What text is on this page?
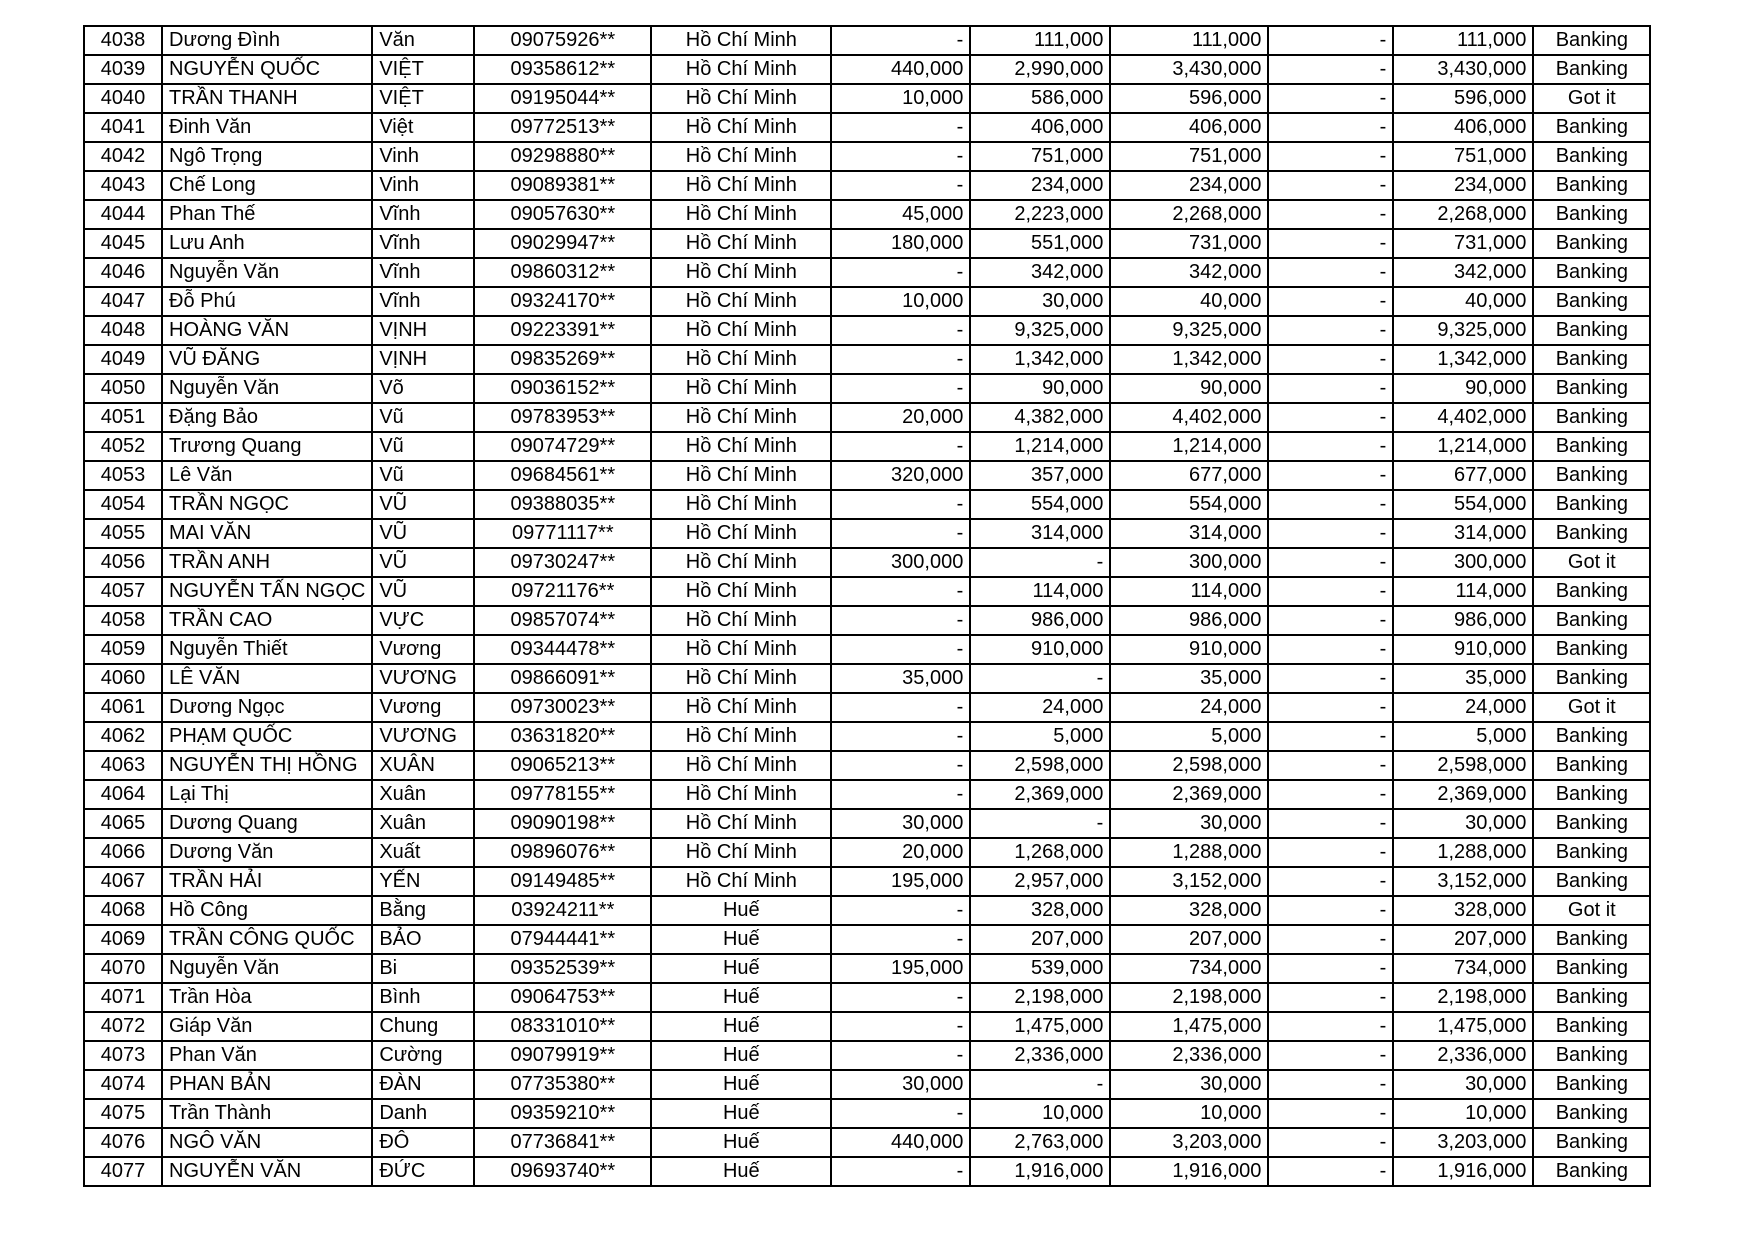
4038	Dương Đình	Văn	09075926**	Hồ Chí Minh	-	111,000	111,000	-	111,000	Banking
4039	NGUYỄN QUỐC	VIỆT	09358612**	Hồ Chí Minh	440,000	2,990,000	3,430,000	-	3,430,000	Banking
4040	TRẦN THANH	VIỆT	09195044**	Hồ Chí Minh	10,000	586,000	596,000	-	596,000	Got it
4041	Đinh Văn	Việt	09772513**	Hồ Chí Minh	-	406,000	406,000	-	406,000	Banking
4042	Ngô Trọng	Vinh	09298880**	Hồ Chí Minh	-	751,000	751,000	-	751,000	Banking
4043	Chế Long	Vinh	09089381**	Hồ Chí Minh	-	234,000	234,000	-	234,000	Banking
4044	Phan Thế	Vĩnh	09057630**	Hồ Chí Minh	45,000	2,223,000	2,268,000	-	2,268,000	Banking
4045	Lưu Anh	Vĩnh	09029947**	Hồ Chí Minh	180,000	551,000	731,000	-	731,000	Banking
4046	Nguyễn Văn	Vĩnh	09860312**	Hồ Chí Minh	-	342,000	342,000	-	342,000	Banking
4047	Đỗ Phú	Vĩnh	09324170**	Hồ Chí Minh	10,000	30,000	40,000	-	40,000	Banking
4048	HOÀNG VĂN	VỊNH	09223391**	Hồ Chí Minh	-	9,325,000	9,325,000	-	9,325,000	Banking
4049	VŨ ĐĂNG	VỊNH	09835269**	Hồ Chí Minh	-	1,342,000	1,342,000	-	1,342,000	Banking
4050	Nguyễn Văn	Võ	09036152**	Hồ Chí Minh	-	90,000	90,000	-	90,000	Banking
4051	Đặng Bảo	Vũ	09783953**	Hồ Chí Minh	20,000	4,382,000	4,402,000	-	4,402,000	Banking
4052	Trương Quang	Vũ	09074729**	Hồ Chí Minh	-	1,214,000	1,214,000	-	1,214,000	Banking
4053	Lê Văn	Vũ	09684561**	Hồ Chí Minh	320,000	357,000	677,000	-	677,000	Banking
4054	TRẦN NGỌC	VŨ	09388035**	Hồ Chí Minh	-	554,000	554,000	-	554,000	Banking
4055	MAI VĂN	VŨ	09771117**	Hồ Chí Minh	-	314,000	314,000	-	314,000	Banking
4056	TRẦN ANH	VŨ	09730247**	Hồ Chí Minh	300,000	-	300,000	-	300,000	Got it
4057	NGUYỄN TẤN NGỌC	VŨ	09721176**	Hồ Chí Minh	-	114,000	114,000	-	114,000	Banking
4058	TRẦN CAO	VỰC	09857074**	Hồ Chí Minh	-	986,000	986,000	-	986,000	Banking
4059	Nguyễn Thiết	Vương	09344478**	Hồ Chí Minh	-	910,000	910,000	-	910,000	Banking
4060	LÊ VĂN	VƯƠNG	09866091**	Hồ Chí Minh	35,000	-	35,000	-	35,000	Banking
4061	Dương Ngọc	Vương	09730023**	Hồ Chí Minh	-	24,000	24,000	-	24,000	Got it
4062	PHẠM QUỐC	VƯƠNG	03631820**	Hồ Chí Minh	-	5,000	5,000	-	5,000	Banking
4063	NGUYỄN THỊ HỒNG	XUÂN	09065213**	Hồ Chí Minh	-	2,598,000	2,598,000	-	2,598,000	Banking
4064	Lại Thị	Xuân	09778155**	Hồ Chí Minh	-	2,369,000	2,369,000	-	2,369,000	Banking
4065	Dương Quang	Xuân	09090198**	Hồ Chí Minh	30,000	-	30,000	-	30,000	Banking
4066	Dương Văn	Xuất	09896076**	Hồ Chí Minh	20,000	1,268,000	1,288,000	-	1,288,000	Banking
4067	TRẦN HẢI	YẾN	09149485**	Hồ Chí Minh	195,000	2,957,000	3,152,000	-	3,152,000	Banking
4068	Hồ Công	Bằng	03924211**	Huế	-	328,000	328,000	-	328,000	Got it
4069	TRẦN CÔNG QUỐC	BẢO	07944441**	Huế	-	207,000	207,000	-	207,000	Banking
4070	Nguyễn Văn	Bi	09352539**	Huế	195,000	539,000	734,000	-	734,000	Banking
4071	Trần Hòa	Bình	09064753**	Huế	-	2,198,000	2,198,000	-	2,198,000	Banking
4072	Giáp Văn	Chung	08331010**	Huế	-	1,475,000	1,475,000	-	1,475,000	Banking
4073	Phan Văn	Cường	09079919**	Huế	-	2,336,000	2,336,000	-	2,336,000	Banking
4074	PHAN BẢN	ĐÀN	07735380**	Huế	30,000	-	30,000	-	30,000	Banking
4075	Trần Thành	Danh	09359210**	Huế	-	10,000	10,000	-	10,000	Banking
4076	NGÔ VĂN	ĐÔ	07736841**	Huế	440,000	2,763,000	3,203,000	-	3,203,000	Banking
4077	NGUYỄN VĂN	ĐỨC	09693740**	Huế	-	1,916,000	1,916,000	-	1,916,000	Banking
